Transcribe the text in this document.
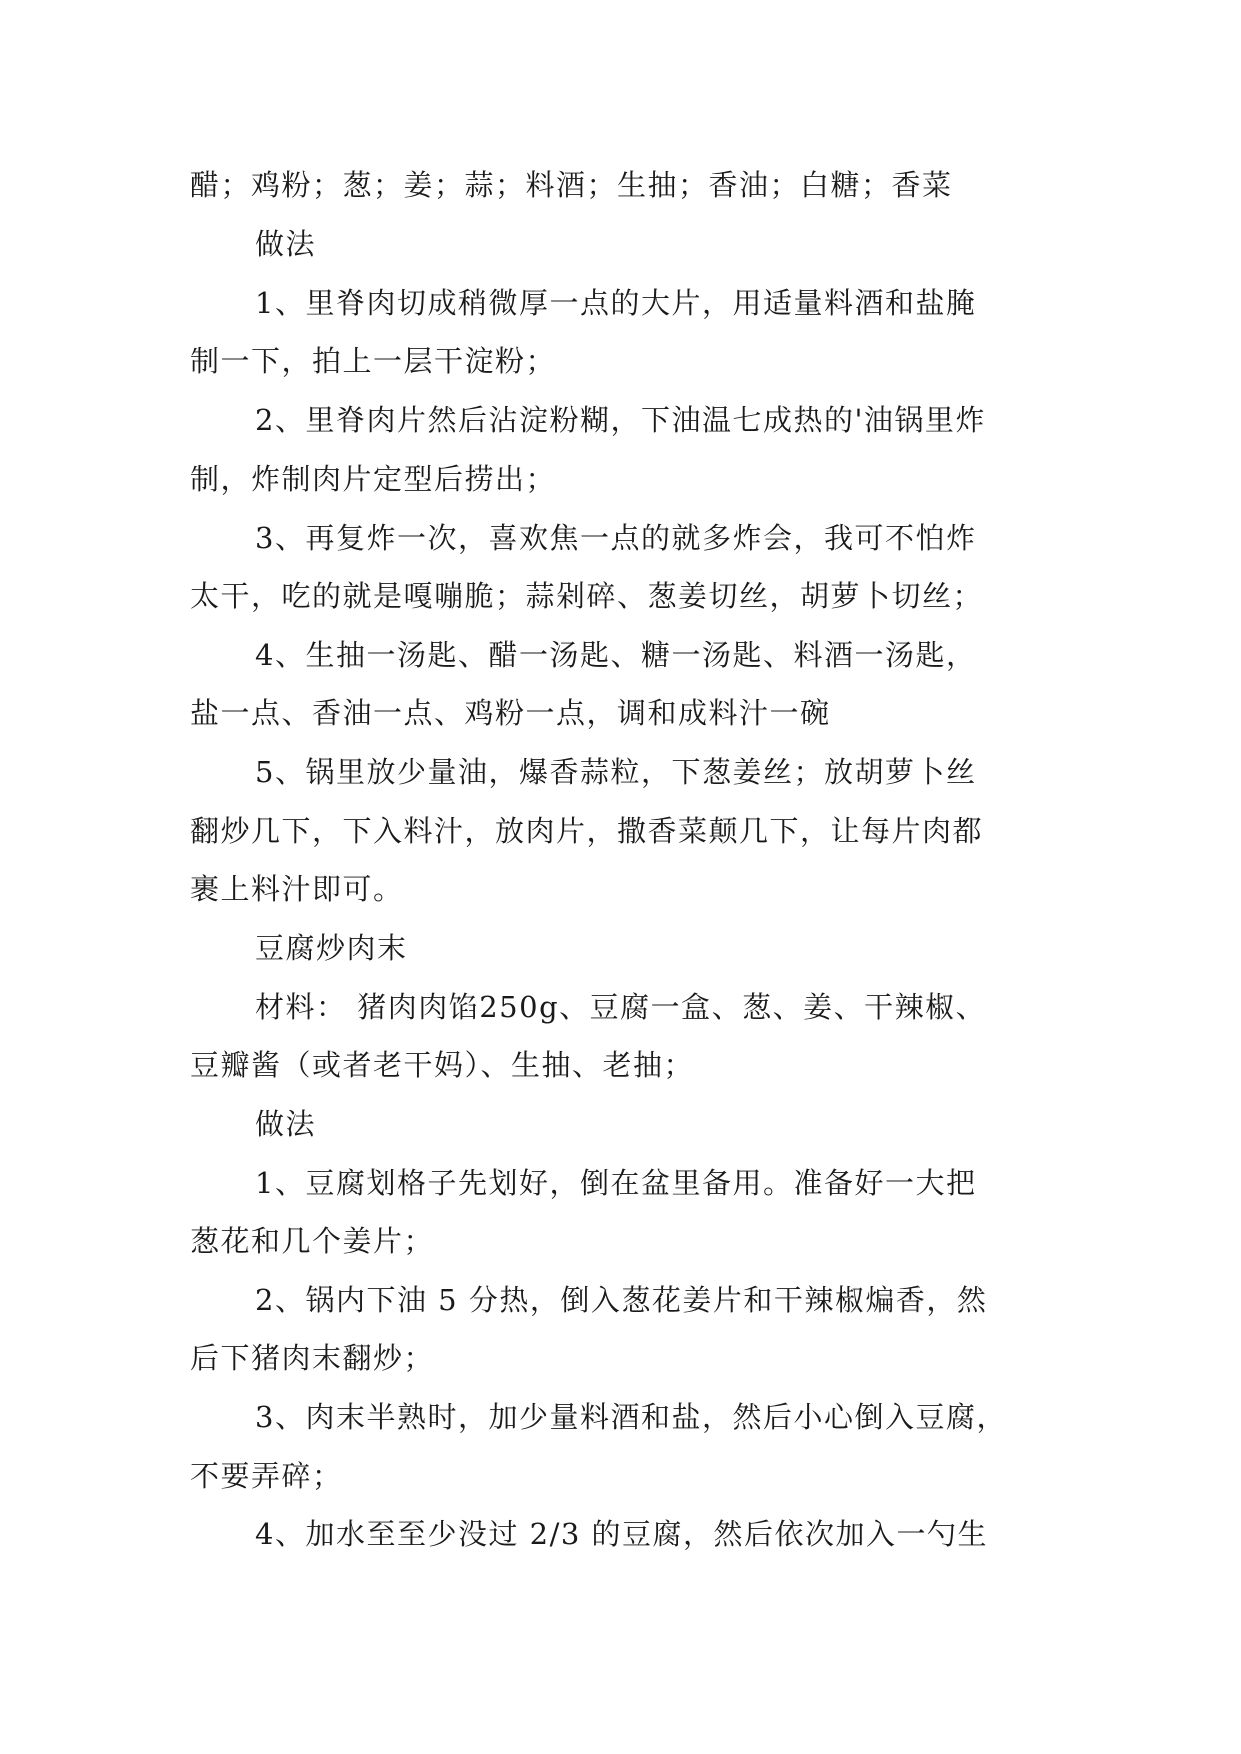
醋；鸡粉；葱；姜；蒜；料酒；生抽；香油；白糖；香菜
做法
1、里脊肉切成稍微厚一点的大片，用适量料酒和盐腌
制一下，拍上一层干淀粉；
2、里脊肉片然后沾淀粉糊，下油温七成热的'油锅里炸
制，炸制肉片定型后捞出；
3、再复炸一次，喜欢焦一点的就多炸会，我可不怕炸
太干，吃的就是嘎嘣脆；蒜剁碎、葱姜切丝，胡萝卜切丝；
4、生抽一汤匙、醋一汤匙、糖一汤匙、料酒一汤匙，
盐一点、香油一点、鸡粉一点，调和成料汁一碗
5、锅里放少量油，爆香蒜粒，下葱姜丝；放胡萝卜丝
翻炒几下，下入料汁，放肉片，撒香菜颠几下，让每片肉都
裹上料汁即可。
豆腐炒肉末
材料： 猪肉肉馅250g、豆腐一盒、葱、姜、干辣椒、
豆瓣酱（或者老干妈）、生抽、老抽；
做法
1、豆腐划格子先划好，倒在盆里备用。准备好一大把
葱花和几个姜片；
2、锅内下油 5 分热，倒入葱花姜片和干辣椒煸香，然
后下猪肉末翻炒；
3、肉末半熟时，加少量料酒和盐，然后小心倒入豆腐，
不要弄碎；
4、加水至至少没过 2/3 的豆腐，然后依次加入一勺生
